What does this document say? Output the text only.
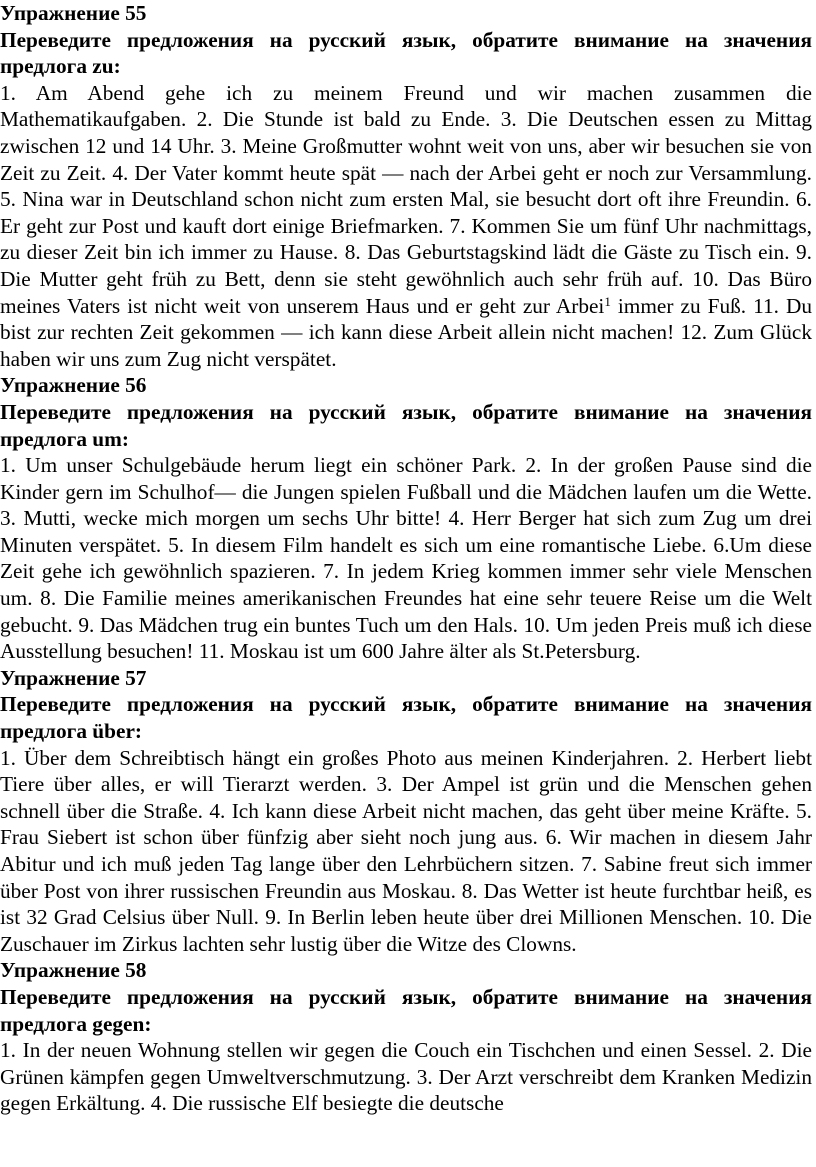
Упражнение 55

Переведите предложения на русский язык, обратите внимание на значения предлога zu:

1. Am Abend gehe ich zu meinem Freund und wir machen zusammen die Mathematikaufgaben. 2. Die Stunde ist bald zu Ende. 3. Die Deutschen essen zu Mittag zwischen 12 und 14 Uhr. 3. Meine Großmutter wohnt weit von uns, aber wir besuchen sie von Zeit zu Zeit. 4. Der Vater kommt heute spät — nach der Arbei geht er noch zur Versammlung. 5. Nina war in Deutschland schon nicht zum ersten Mal, sie besucht dort oft ihre Freundin. 6. Er geht zur Post und kauft dort einige Briefmarken. 7. Kommen Sie um fünf Uhr nachmittags, zu dieser Zeit bin ich immer zu Hause. 8. Das Geburtstagskind lädt die Gäste zu Tisch ein. 9. Die Mutter geht früh zu Bett, denn sie steht gewöhnlich auch sehr früh auf. 10. Das Büro meines Vaters ist nicht weit von unserem Haus und er geht zur Arbei$^1$ immer zu Fuß. 11. Du bist zur rechten Zeit gekommen — ich kann diese Arbeit allein nicht machen! 12. Zum Glück haben wir uns zum Zug nicht verspätet.

Упражнение 56

Переведите предложения на русский язык, обратите внимание на значения предлога um:

1. Um unser Schulgebäude herum liegt ein schöner Park. 2. In der großen Pause sind die Kinder gern im Schulhof— die Jungen spielen Fußball und die Mädchen laufen um die Wette. 3. Mutti, wecke mich morgen um sechs Uhr bitte! 4. Herr Berger hat sich zum Zug um drei Minuten verspätet. 5. In diesem Film handelt es sich um eine romantische Liebe. 6.Um diese Zeit gehe ich gewöhnlich spazieren. 7. In jedem Krieg kommen immer sehr viele Menschen um. 8. Die Familie meines amerikanischen Freundes hat eine sehr teuere Reise um die Welt gebucht. 9. Das Mädchen trug ein buntes Tuch um den Hals. 10. Um jeden Preis muß ich diese Ausstellung besuchen! 11. Moskau ist um 600 Jahre älter als St.Petersburg.

Упражнение 57

Переведите предложения на русский язык, обратите внимание на значения предлога über:

1. Über dem Schreibtisch hängt ein großes Photo aus meinen Kinderjahren. 2. Herbert liebt Tiere über alles, er will Tierarzt werden. 3. Der Ampel ist grün und die Menschen gehen schnell über die Straße. 4. Ich kann diese Arbeit nicht machen, das geht über meine Kräfte. 5. Frau Siebert ist schon über fünfzig aber sieht noch jung aus. 6. Wir machen in diesem Jahr Abitur und ich muß jeden Tag lange über den Lehrbüchern sitzen. 7. Sabine freut sich immer über Post von ihrer russischen Freundin aus Moskau. 8. Das Wetter ist heute furchtbar heiß, es ist 32 Grad Celsius über Null. 9. In Berlin leben heute über drei Millionen Menschen. 10. Die Zuschauer im Zirkus lachten sehr lustig über die Witze des Clowns.

Упражнение 58

Переведите предложения на русский язык, обратите внимание на значения предлога gegen:

1. In der neuen Wohnung stellen wir gegen die Couch ein Tischchen und einen Sessel. 2. Die Grünen kämpfen gegen Umweltverschmutzung. 3. Der Arzt verschreibt dem Kranken Medizin gegen Erkältung. 4. Die russische Elf besiegte die deutsche
